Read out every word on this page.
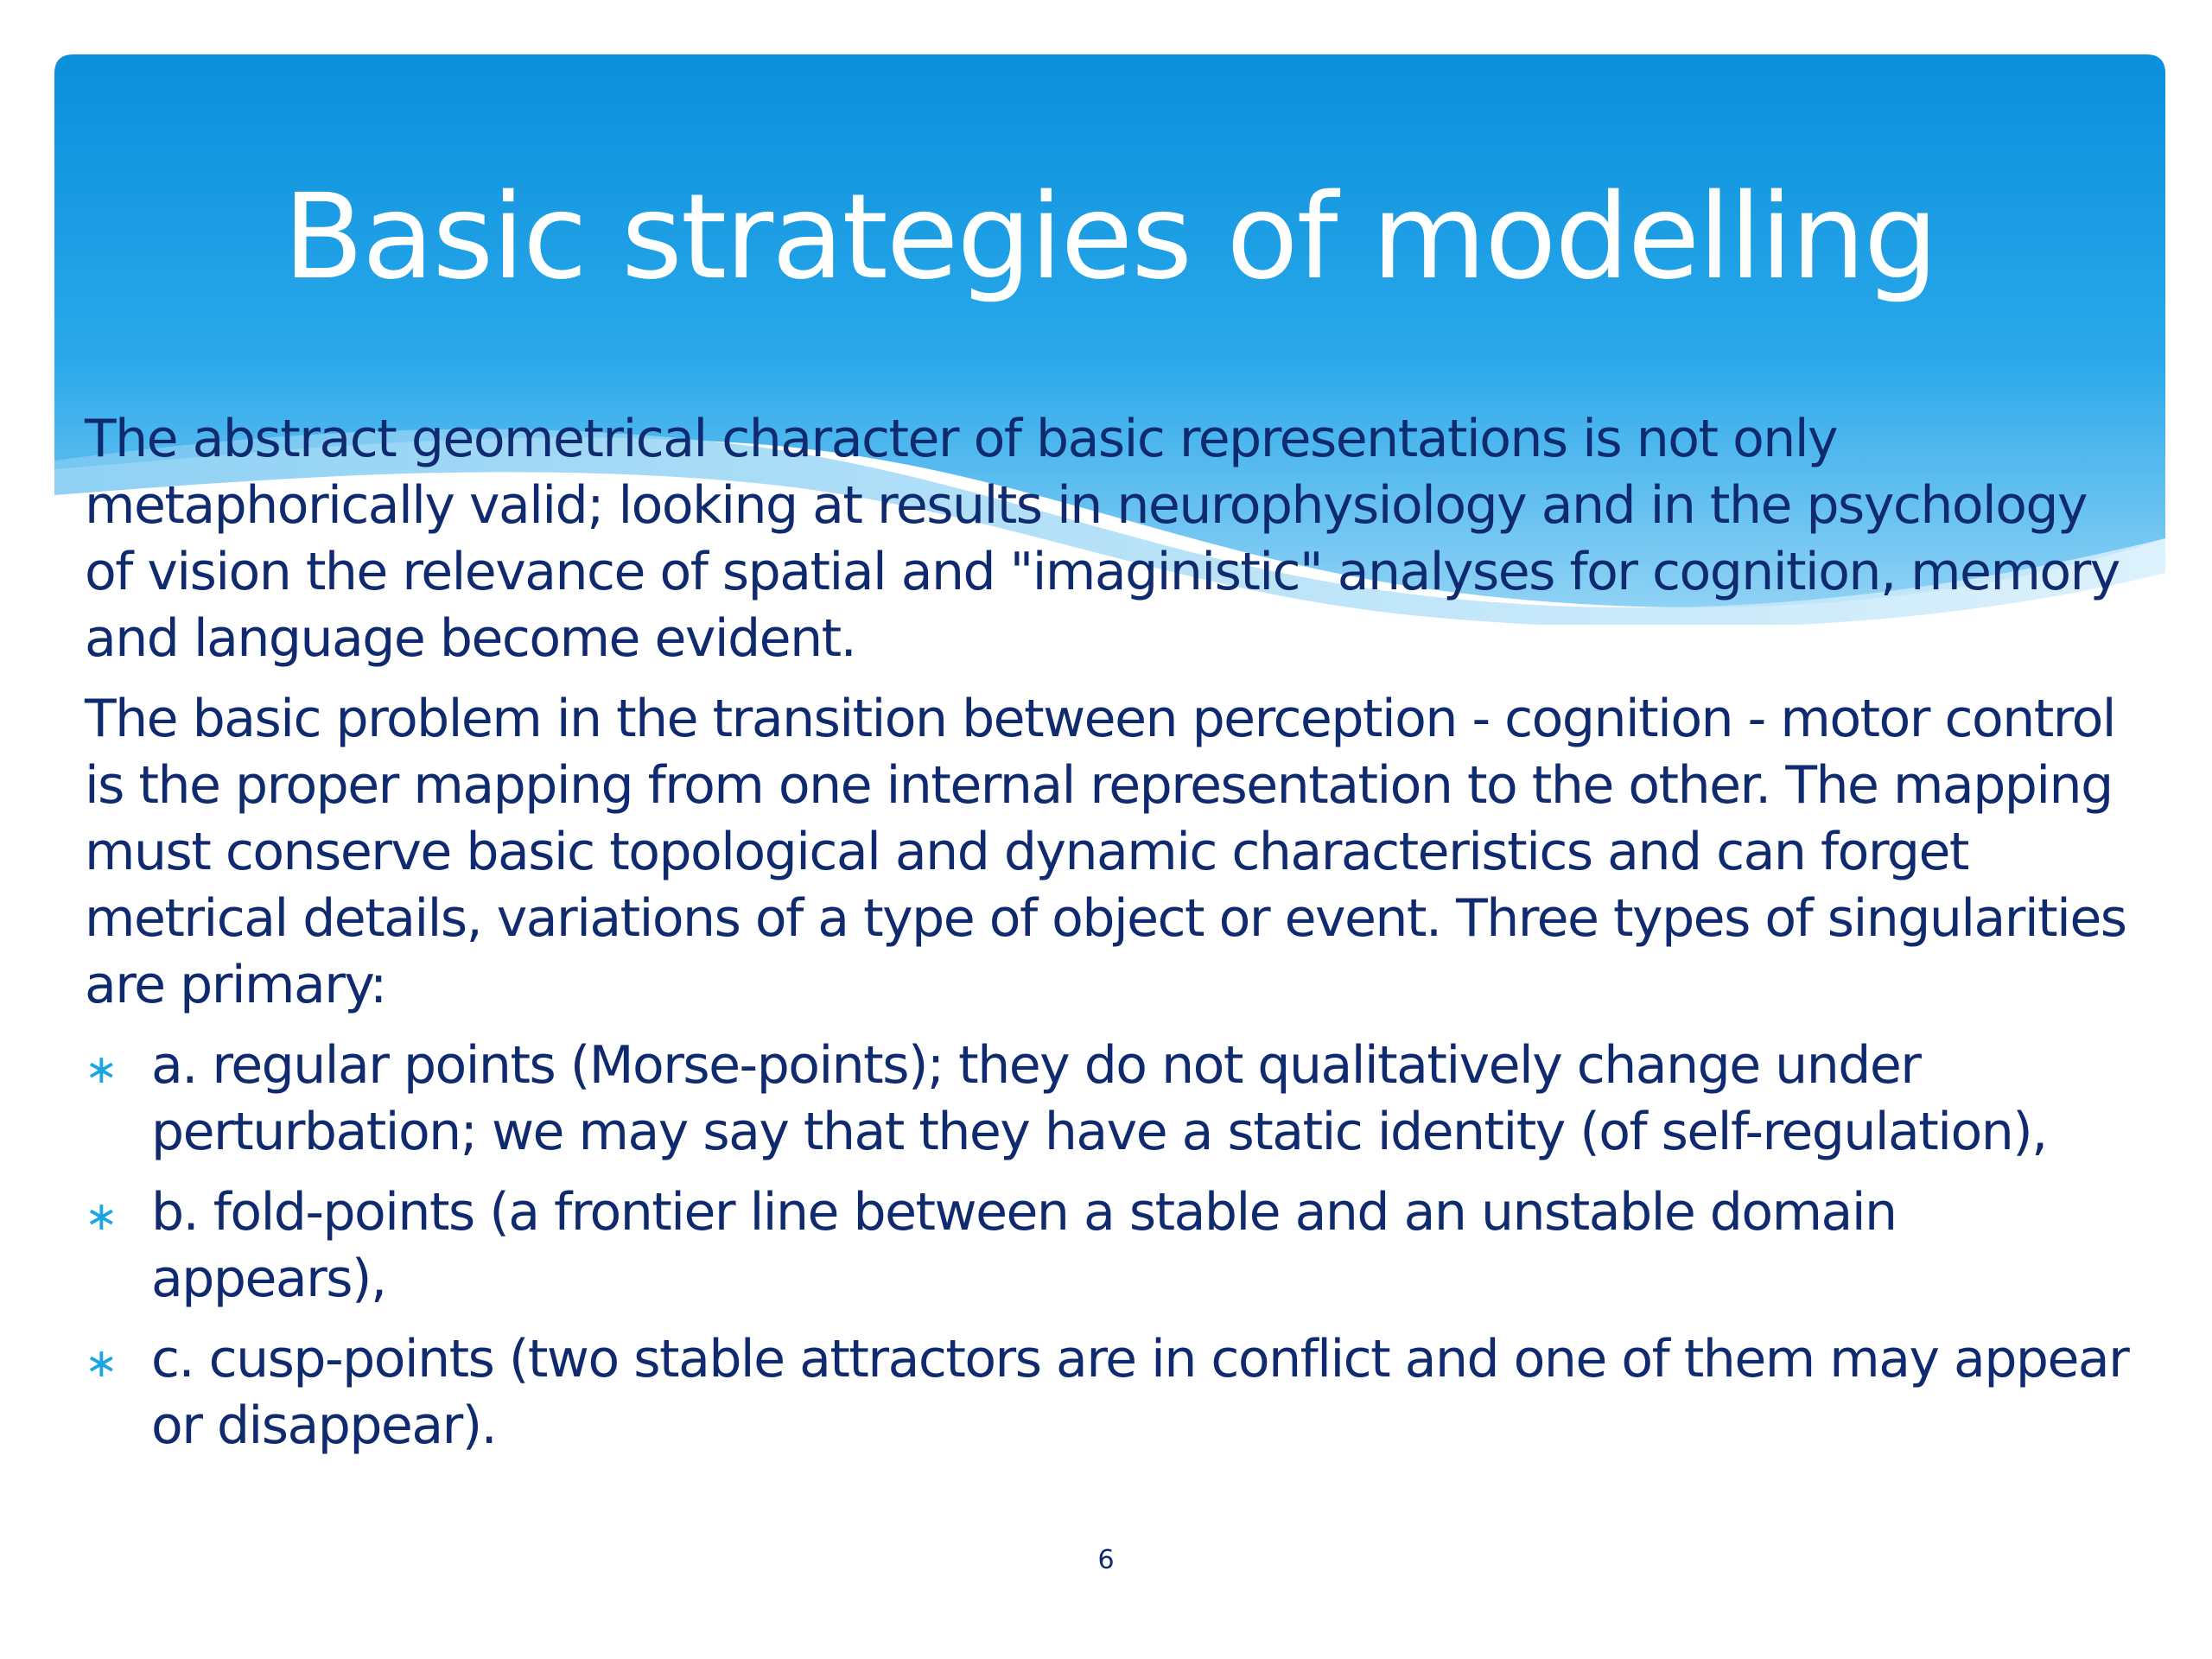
Basic strategies of modelling

The abstract geometrical character of basic representations is not only metaphorically valid; looking at results in neurophysiology and in the psychology of vision the relevance of spatial and "imaginistic" analyses for cognition, memory and language become evident.

The basic problem in the transition between perception - cognition - motor control is the proper mapping from one internal representation to the other. The mapping must conserve basic topological and dynamic characteristics and can forget metrical details, variations of a type of object or event. Three types of singularities are primary:

∗ a. regular points (Morse-points); they do not qualitatively change under perturbation; we may say that they have a static identity (of self-regulation),
∗ b. fold-points (a frontier line between a stable and an unstable domain appears),
∗ c. cusp-points (two stable attractors are in conflict and one of them may appear or disappear).
6
